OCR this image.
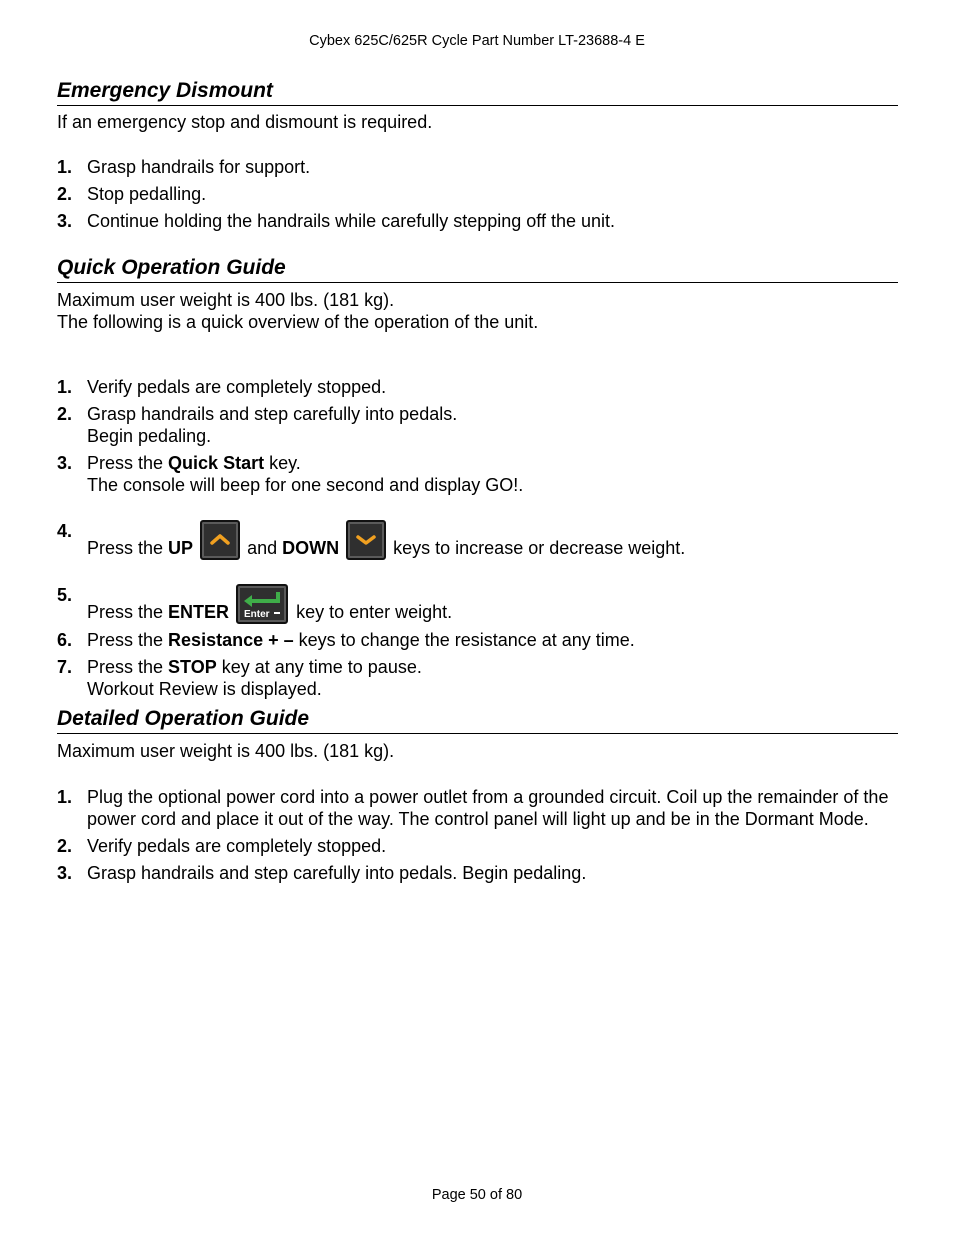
Cybex 625C/625R Cycle Part Number LT-23688-4 E
Emergency Dismount

If an emergency stop and dismount is required.

1. Grasp handrails for support.
2. Stop pedalling.
3. Continue holding the handrails while carefully stepping off the unit.
Quick Operation Guide

Maximum user weight is 400 lbs. (181 kg).
The following is a quick overview of the operation of the unit.

1. Verify pedals are completely stopped.
2. Grasp handrails and step carefully into pedals.
Begin pedaling.
3. Press the Quick Start key.
The console will beep for one second and display GO!.
4.
Press the UP	and DOWN	keys to increase or decrease weight.
5.
Press the ENTER Enter key to enter weight.
6. Press the Resistance + – keys to change the resistance at any time.
7. Press the STOP key at any time to pause.
Workout Review is displayed.
Detailed Operation Guide

Maximum user weight is 400 lbs. (181 kg).

1. Plug the optional power cord into a power outlet from a grounded circuit. Coil up the remainder of the power cord and place it out of the way. The control panel will light up and be in the Dormant Mode.
2. Verify pedals are completely stopped.
3. Grasp handrails and step carefully into pedals. Begin pedaling.
Page 50 of 80
